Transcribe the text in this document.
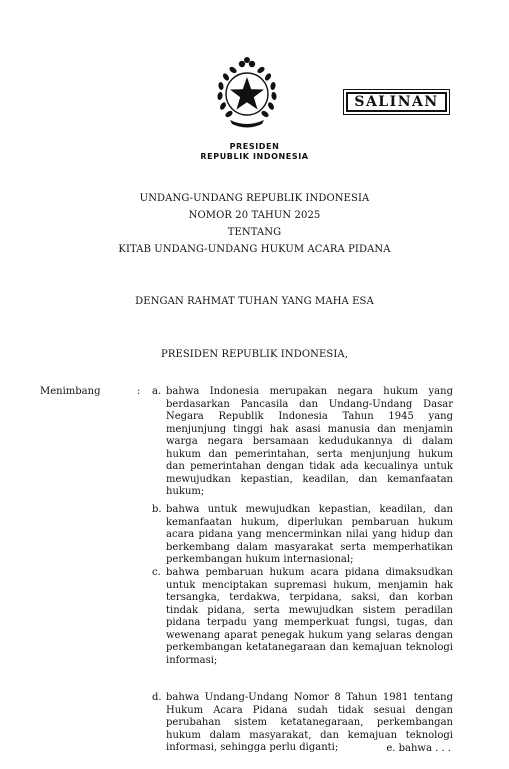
SALINAN
PRESIDEN
REPUBLIK INDONESIA
UNDANG-UNDANG REPUBLIK INDONESIA
NOMOR 20 TAHUN 2025
TENTANG
KITAB UNDANG-UNDANG HUKUM ACARA PIDANA
DENGAN RAHMAT TUHAN YANG MAHA ESA
PRESIDEN REPUBLIK INDONESIA,
Menimbang	: a. bahwa Indonesia merupakan negara hukum yang
berdasarkan Pancasila dan Undang-Undang Dasar
Negara Republik Indonesia Tahun 1945 yang
menjunjung tinggi hak asasi manusia dan menjamin
warga negara bersamaan kedudukannya di dalam
hukum dan pemerintahan, serta menjunjung hukum
dan pemerintahan dengan tidak ada kecualinya untuk
mewujudkan kepastian, keadilan, dan kemanfaatan
hukum;
b. bahwa untuk mewujudkan kepastian, keadilan, dan
kemanfaatan hukum, diperlukan pembaruan hukum
acara pidana yang mencerminkan nilai yang hidup dan
berkembang dalam masyarakat serta memperhatikan
perkembangan hukum internasional;
c. bahwa pembaruan hukum acara pidana dimaksudkan
untuk menciptakan supremasi hukum, menjamin hak
tersangka, terdakwa, terpidana, saksi, dan korban
tindak pidana, serta mewujudkan sistem peradilan
pidana terpadu yang memperkuat fungsi, tugas, dan
wewenang aparat penegak hukum yang selaras dengan
perkembangan ketatanegaraan dan kemajuan teknologi
informasi;
d. bahwa Undang-Undang Nomor 8 Tahun 1981 tentang
Hukum Acara Pidana sudah tidak sesuai dengan
perubahan sistem ketatanegaraan, perkembangan
hukum dalam masyarakat, dan kemajuan teknologi
informasi, sehingga perlu diganti;	e. bahwa . . .
